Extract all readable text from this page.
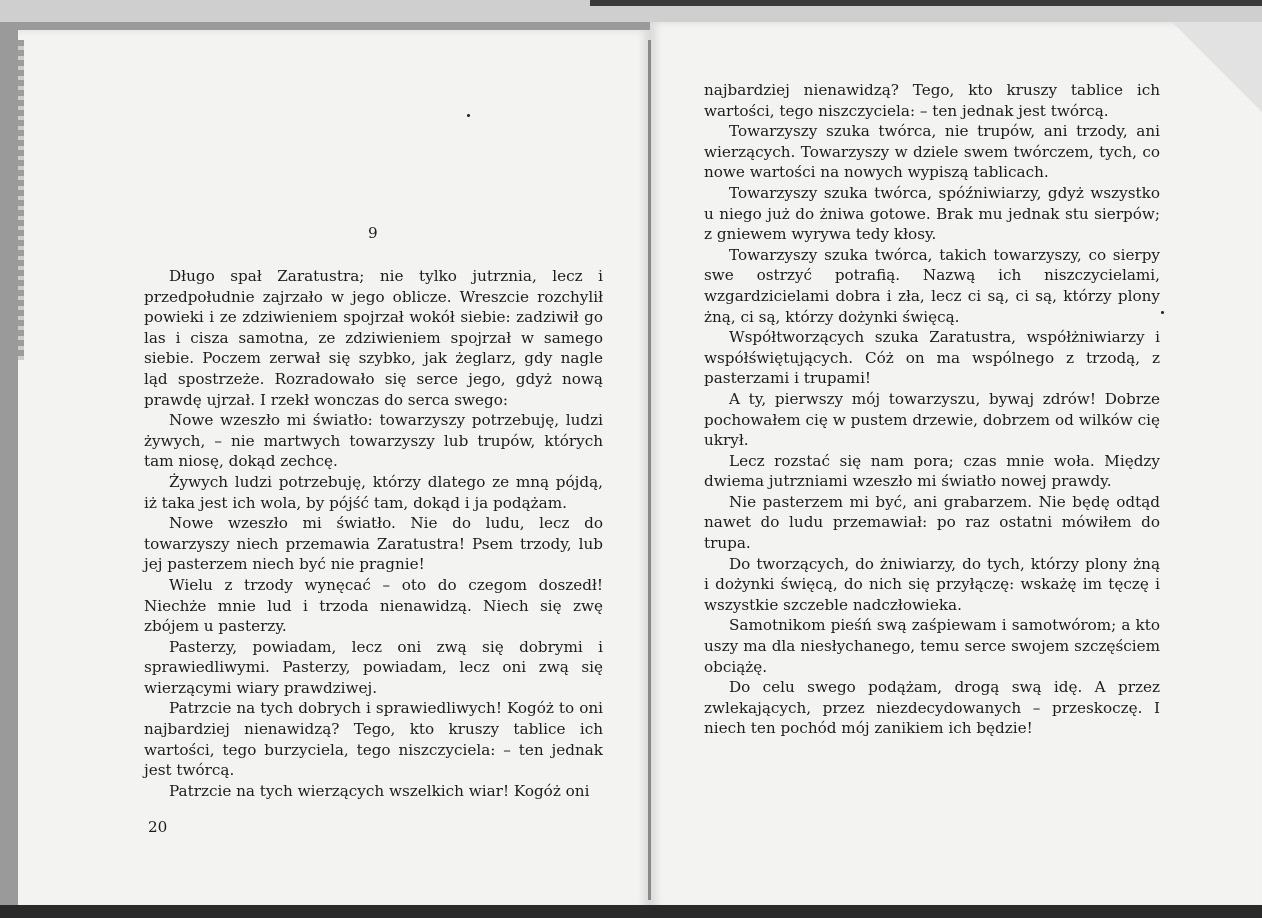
9

Długo spał Zaratustra; nie tylko jutrznia, lecz i przedpołudnie zajrzało w jego oblicze. Wreszcie rozchylił powieki i ze zdziwieniem spojrzał wokół siebie: zadziwił go las i cisza samotna, ze zdziwieniem spojrzał w samego siebie. Poczem zerwał się szybko, jak żeglarz, gdy nagle ląd spostrzeże. Rozradowało się serce jego, gdyż nową prawdę ujrzał. I rzekł wonczas do serca swego:

Nowe wzeszło mi światło: towarzyszy potrzebuję, ludzi żywych, – nie martwych towarzyszy lub trupów, których tam niosę, dokąd zechcę.

Żywych ludzi potrzebuję, którzy dlatego ze mną pójdą, iż taka jest ich wola, by pójść tam, dokąd i ja podążam.

Nowe wzeszło mi światło. Nie do ludu, lecz do towarzyszy niech przemawia Zaratustra! Psem trzody, lub jej pasterzem niech być nie pragnie!

Wielu z trzody wynęcać – oto do czegom doszedł! Niechże mnie lud i trzoda nienawidzą. Niech się zwę zbójem u pasterzy.

Pasterzy, powiadam, lecz oni zwą się dobrymi i sprawiedliwymi. Pasterzy, powiadam, lecz oni zwą się wierzącymi wiary prawdziwej.

Patrzcie na tych dobrych i sprawiedliwych! Kogóż to oni najbardziej nienawidzą? Tego, kto kruszy tablice ich wartości, tego burzyciela, tego niszczyciela: – ten jednak jest twórcą.

Patrzcie na tych wierzących wszelkich wiar! Kogóż oni

20

najbardziej nienawidzą? Tego, kto kruszy tablice ich wartości, tego niszczyciela: – ten jednak jest twórcą.

Towarzyszy szuka twórca, nie trupów, ani trzody, ani wierzących. Towarzyszy w dziele swem twórczem, tych, co nowe wartości na nowych wypiszą tablicach.

Towarzyszy szuka twórca, spóźniwiarzy, gdyż wszystko u niego już do żniwa gotowe. Brak mu jednak stu sierpów; z gniewem wyrywa tedy kłosy.

Towarzyszy szuka twórca, takich towarzyszy, co sierpy swe ostrzyć potrafią. Nazwą ich niszczycielami, wzgardzicielami dobra i zła, lecz ci są, ci są, którzy plony żną, ci są, którzy dożynki święcą.

Współtworzących szuka Zaratustra, współżniwiarzy i współświętujących. Cóż on ma wspólnego z trzodą, z pasterzami i trupami!

A ty, pierwszy mój towarzyszu, bywaj zdrów! Dobrze pochowałem cię w pustem drzewie, dobrzem od wilków cię ukrył.

Lecz rozstać się nam pora; czas mnie woła. Między dwiema jutrzniami wzeszło mi światło nowej prawdy.

Nie pasterzem mi być, ani grabarzem. Nie będę odtąd nawet do ludu przemawiał: po raz ostatni mówiłem do trupa.

Do tworzących, do żniwiarzy, do tych, którzy plony żną i dożynki święcą, do nich się przyłączę: wskażę im tęczę i wszystkie szczeble nadczłowieka.

Samotnikom pieśń swą zaśpiewam i samotwórom; a kto uszy ma dla niesłychanego, temu serce swojem szczęściem obciążę.

Do celu swego podążam, drogą swą idę. A przez zwlekających, przez niezdecydowanych – przeskoczę. I niech ten pochód mój zanikiem ich będzie!
